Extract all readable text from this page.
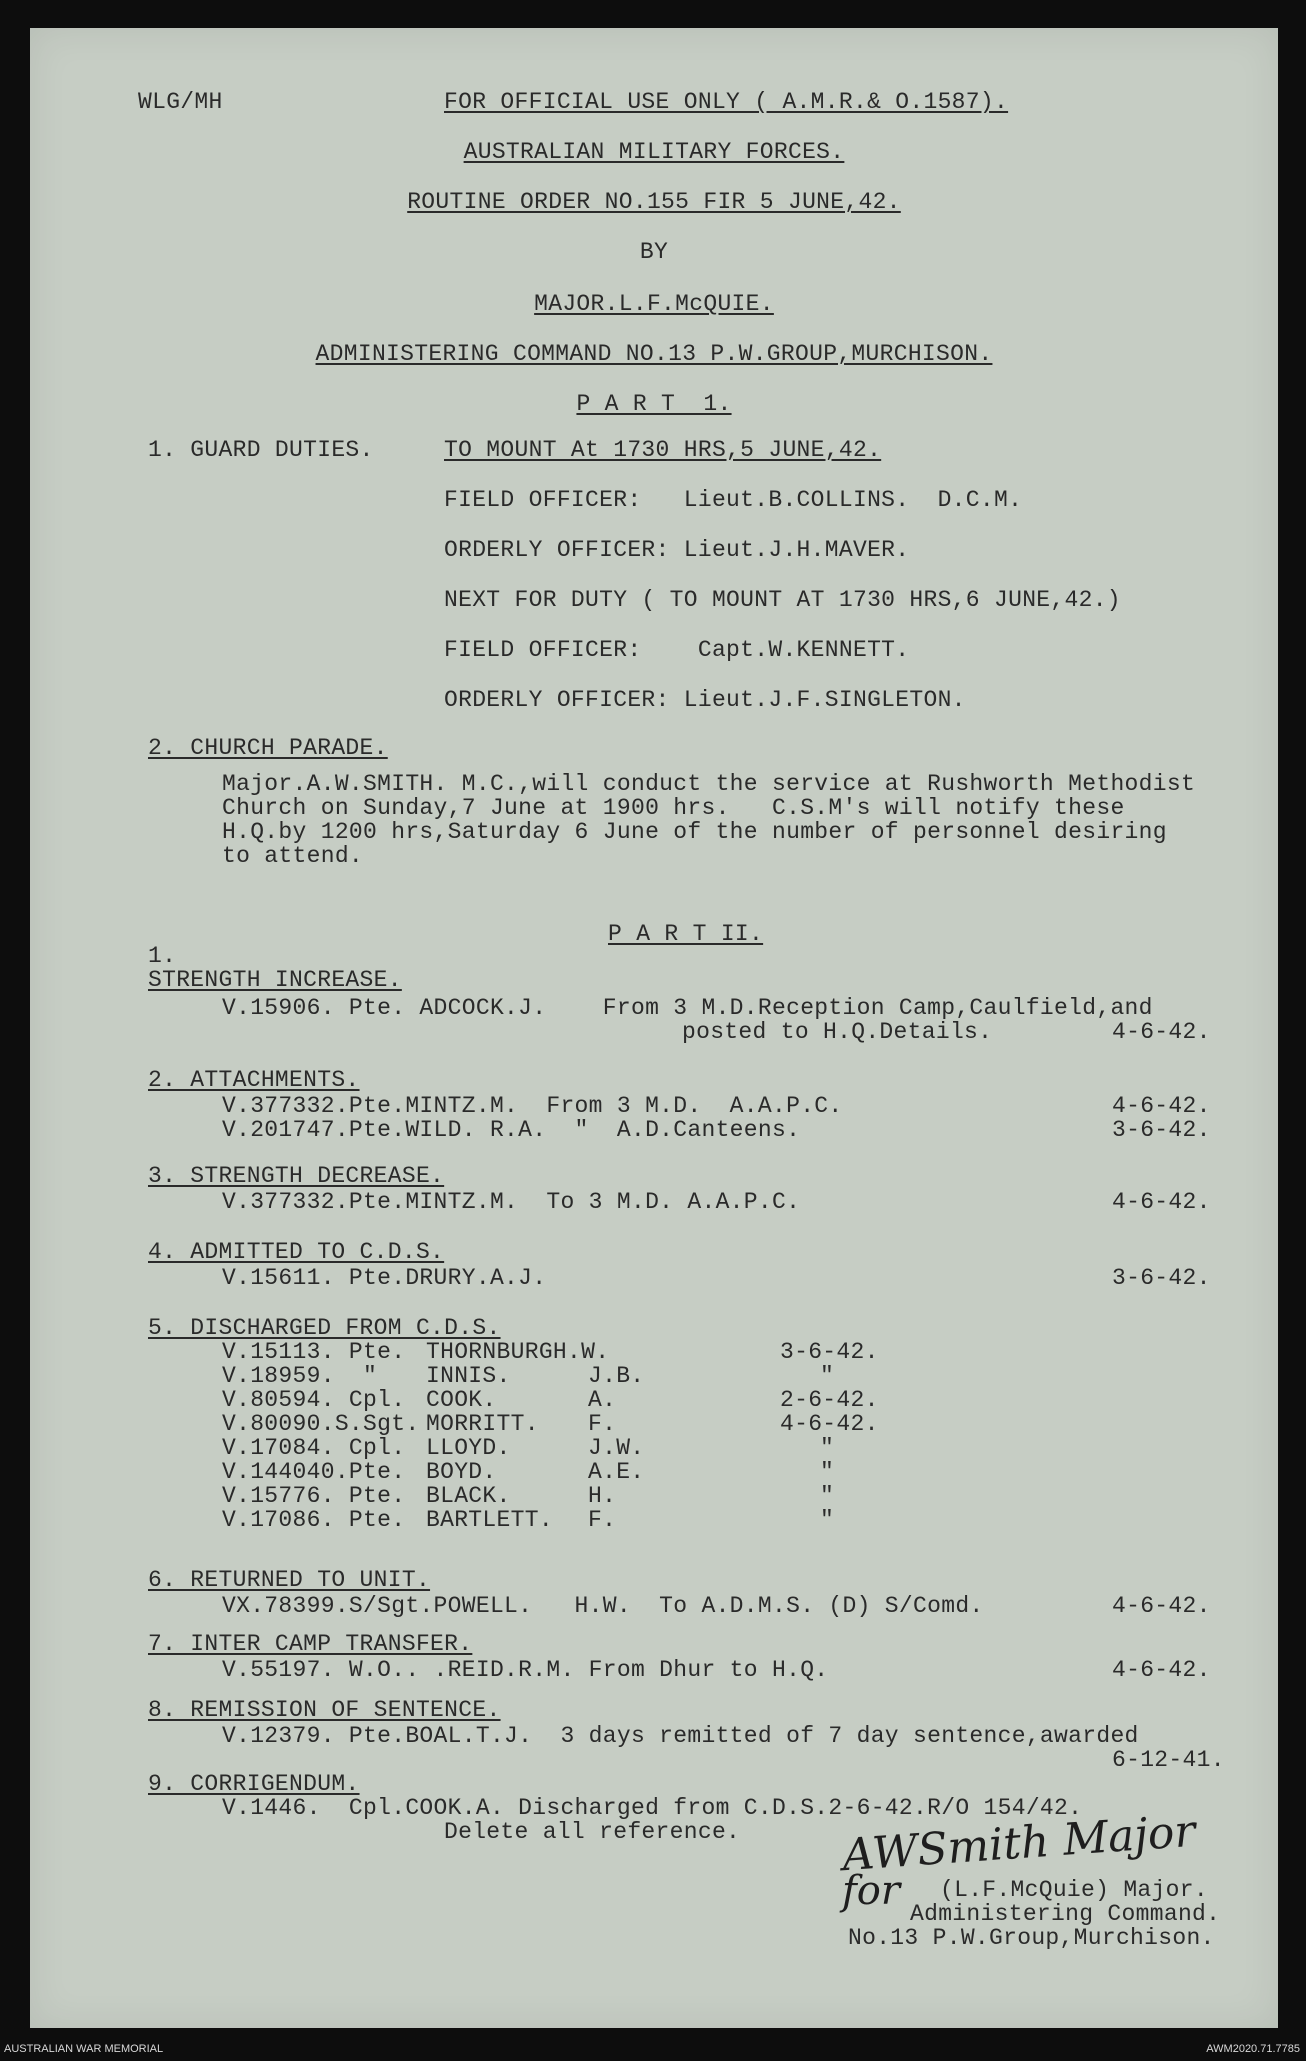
WLG/MH	FOR OFFICIAL USE ONLY ( A.M.R.& O.1587).
AUSTRALIAN MILITARY FORCES.
ROUTINE ORDER NO.155 FIR 5 JUNE,42.
BY
MAJOR.L.F.McQUIE.
ADMINISTERING COMMAND NO.13 P.W.GROUP,MURCHISON.
P A R T  1.
1. GUARD DUTIES.	TO MOUNT At 1730 HRS,5 JUNE,42.
FIELD OFFICER:   Lieut.B.COLLINS.  D.C.M.
ORDERLY OFFICER: Lieut.J.H.MAVER.
NEXT FOR DUTY ( TO MOUNT AT 1730 HRS,6 JUNE,42.)
FIELD OFFICER:    Capt.W.KENNETT.
ORDERLY OFFICER: Lieut.J.F.SINGLETON.
2. CHURCH PARADE.
Major.A.W.SMITH. M.C.,will conduct the service at Rushworth Methodist
Church on Sunday,7 June at 1900 hrs.   C.S.M's will notify these
H.Q.by 1200 hrs,Saturday 6 June of the number of personnel desiring
to attend.
P A R T II.
1.
STRENGTH INCREASE.
V.15906. Pte. ADCOCK.J.    From 3 M.D.Reception Camp,Caulfield,and
posted to H.Q.Details.	4-6-42.
2. ATTACHMENTS.
V.377332.Pte.MINTZ.M.  From 3 M.D.  A.A.P.C.	4-6-42.
V.201747.Pte.WILD. R.A.  "  A.D.Canteens.	3-6-42.
3. STRENGTH DECREASE.
V.377332.Pte.MINTZ.M.  To 3 M.D. A.A.P.C.	4-6-42.
4. ADMITTED TO C.D.S.
V.15611. Pte.DRURY.A.J.	3-6-42.
5. DISCHARGED FROM C.D.S.
V.15113. Pte. THORNBURGH.W.	3-6-42.
V.18959.  " INNIS.	J.B.	"
V.80594. Cpl. COOK.	A.	2-6-42.
V.80090.S.Sgt. MORRITT. F.	4-6-42.
V.17084. Cpl. LLOYD.	J.W.	"
V.144040.Pte. BOYD.	A.E.	"
V.15776. Pte. BLACK.	H.	"
V.17086. Pte. BARTLETT. F.	"
6. RETURNED TO UNIT.
VX.78399.S/Sgt.POWELL.   H.W.  To A.D.M.S. (D) S/Comd.	4-6-42.
7. INTER CAMP TRANSFER.
V.55197. W.O.. .REID.R.M. From Dhur to H.Q.	4-6-42.
8. REMISSION OF SENTENCE.
V.12379. Pte.BOAL.T.J.  3 days remitted of 7 day sentence,awarded
6-12-41.
9. CORRIGENDUM.
V.1446.  Cpl.COOK.A. Discharged from C.D.S.2-6-42.R/O 154/42.
Delete all reference. AWSmith Major
for (L.F.McQuie) Major.
Administering Command.
No.13 P.W.Group,Murchison.
AUSTRALIAN WAR MEMORIAL	AWM2020.71.7785
